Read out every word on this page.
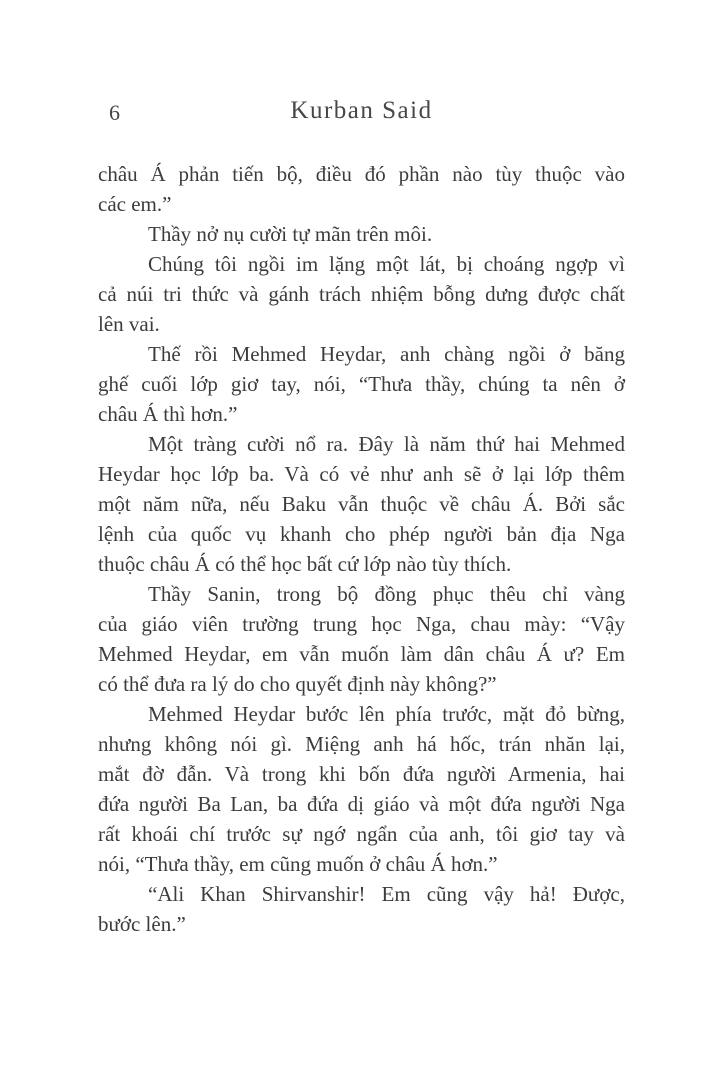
6	Kurban Said
châu Á phản tiến bộ, điều đó phần nào tùy thuộc vào
các em.”
Thầy nở nụ cười tự mãn trên môi.
Chúng tôi ngồi im lặng một lát, bị choáng ngợp vì
cả núi tri thức và gánh trách nhiệm bỗng dưng được chất
lên vai.
Thế rồi Mehmed Heydar, anh chàng ngồi ở băng
ghế cuối lớp giơ tay, nói, “Thưa thầy, chúng ta nên ở
châu Á thì hơn.”
Một tràng cười nổ ra. Đây là năm thứ hai Mehmed
Heydar học lớp ba. Và có vẻ như anh sẽ ở lại lớp thêm
một năm nữa, nếu Baku vẫn thuộc về châu Á. Bởi sắc
lệnh của quốc vụ khanh cho phép người bản địa Nga
thuộc châu Á có thể học bất cứ lớp nào tùy thích.
Thầy Sanin, trong bộ đồng phục thêu chỉ vàng
của giáo viên trường trung học Nga, chau mày: “Vậy
Mehmed Heydar, em vẫn muốn làm dân châu Á ư? Em
có thể đưa ra lý do cho quyết định này không?”
Mehmed Heydar bước lên phía trước, mặt đỏ bừng,
nhưng không nói gì. Miệng anh há hốc, trán nhăn lại,
mắt đờ đẫn. Và trong khi bốn đứa người Armenia, hai
đứa người Ba Lan, ba đứa dị giáo và một đứa người Nga
rất khoái chí trước sự ngớ ngẩn của anh, tôi giơ tay và
nói, “Thưa thầy, em cũng muốn ở châu Á hơn.”
“Ali Khan Shirvanshir! Em cũng vậy hả! Được,
bước lên.”
